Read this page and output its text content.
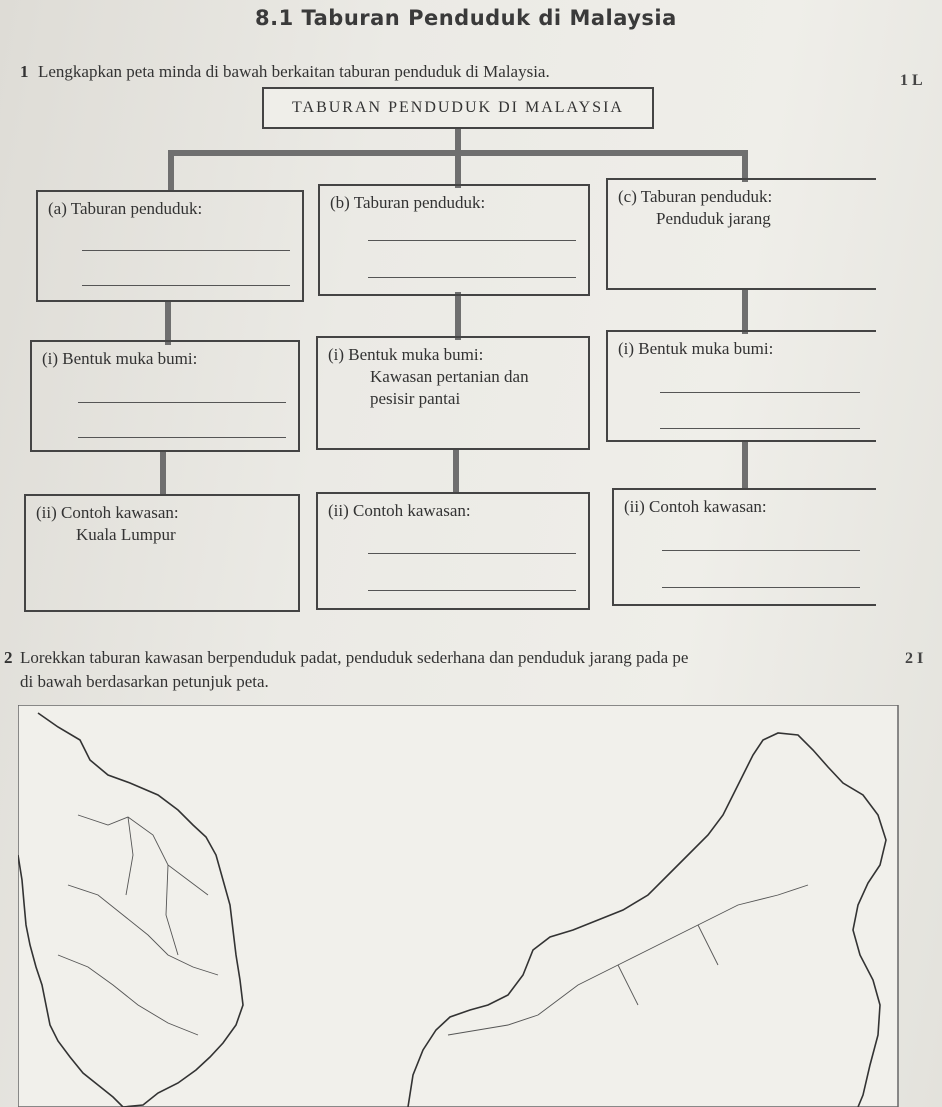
8.1 Taburan Penduduk di Malaysia
1 Lengkapkan peta minda di bawah berkaitan taburan penduduk di Malaysia.	1 L
TABURAN PENDUDUK DI MALAYSIA
(a) Taburan penduduk:	(b) Taburan penduduk:	(c) Taburan penduduk:
Penduduk jarang
(i) Bentuk muka bumi:	(i) Bentuk muka bumi:
Kawasan pertanian dan
pesisir pantai
(i) Bentuk muka bumi:
(ii) Contoh kawasan:
Kuala Lumpur
(ii) Contoh kawasan:	(ii) Contoh kawasan:
2 Lorekkan taburan kawasan berpenduduk padat, penduduk sederhana dan penduduk jarang pada pe
di bawah berdasarkan petunjuk peta.
2 I
